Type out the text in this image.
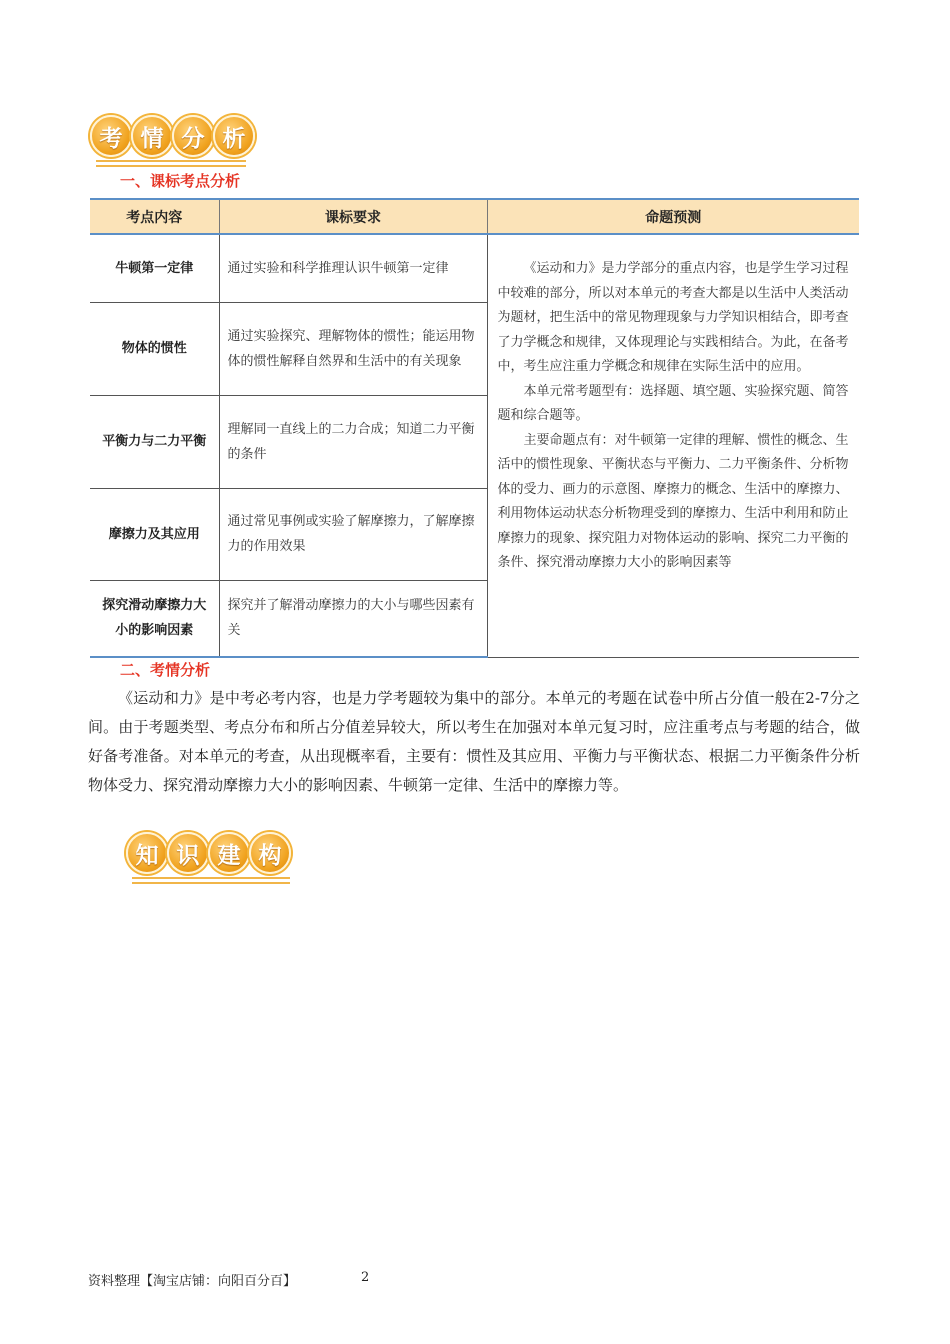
考 情 分 析
一、课标考点分析
考点内容	课标要求	命题预测
牛顿第一定律	通过实验和科学推理认识牛顿第一定律	《运动和力》是力学部分的重点内容，也是学生学习过程中较难的部分，所以对本单元的考查大都是以生活中人类活动为题材，把生活中的常见物理现象与力学知识相结合，即考查了力学概念和规律，又体现理论与实践相结合。为此，在备考中，考生应注重力学概念和规律在实际生活中的应用。

本单元常考题型有：选择题、填空题、实验探究题、简答题和综合题等。

主要命题点有：对牛顿第一定律的理解、惯性的概念、生活中的惯性现象、平衡状态与平衡力、二力平衡条件、分析物体的受力、画力的示意图、摩擦力的概念、生活中的摩擦力、利用物体运动状态分析物理受到的摩擦力、生活中利用和防止摩擦力的现象、探究阻力对物体运动的影响、探究二力平衡的条件、探究滑动摩擦力大小的影响因素等

物体的惯性	通过实验探究、理解物体的惯性；能运用物体的惯性解释自然界和生活中的有关现象	
平衡力与二力平衡	理解同一直线上的二力合成；知道二力平衡的条件	
摩擦力及其应用	通过常见事例或实验了解摩擦力，了解摩擦力的作用效果	
探究滑动摩擦力大小的影响因素	探究并了解滑动摩擦力的大小与哪些因素有关	
二、考情分析

《运动和力》是中考必考内容，也是力学考题较为集中的部分。本单元的考题在试卷中所占分值一般在2-7分之间。由于考题类型、考点分布和所占分值差异较大，所以考生在加强对本单元复习时，应注重考点与考题的结合，做好备考准备。对本单元的考查，从出现概率看，主要有：惯性及其应用、平衡力与平衡状态、根据二力平衡条件分析物体受力、探究滑动摩擦力大小的影响因素、牛顿第一定律、生活中的摩擦力等。

知 识 建 构
资料整理【淘宝店铺：向阳百分百】	2
